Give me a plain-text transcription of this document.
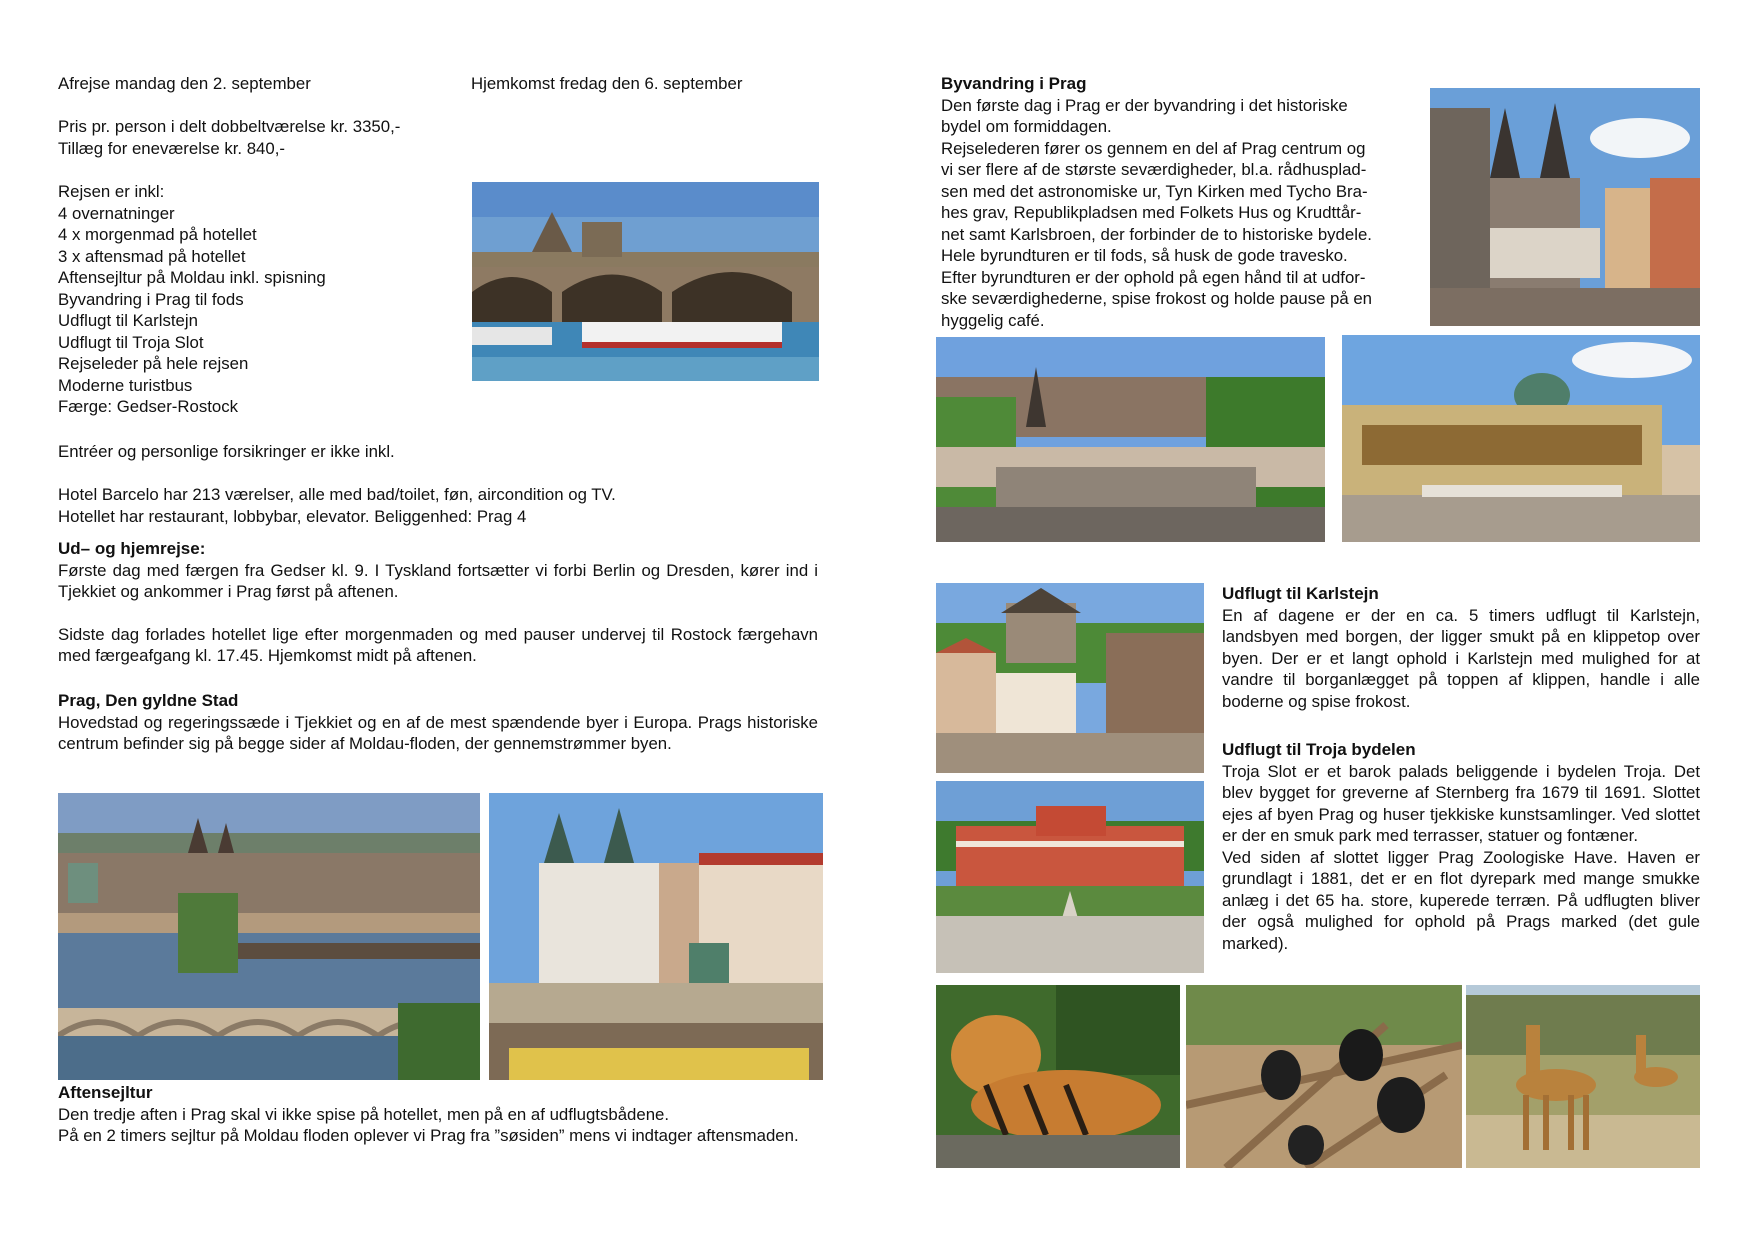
Afrejse mandag den 2. september	Hjemkomst fredag den 6. september
Pris pr. person i delt dobbeltværelse kr. 3350,-
Tillæg for eneværelse kr. 840,-
Rejsen er inkl:
4 overnatninger
4 x morgenmad på hotellet
3 x aftensmad på hotellet
Aftensejltur på Moldau inkl. spisning
Byvandring i Prag til fods
Udflugt til Karlstejn
Udflugt til Troja Slot
Rejseleder på hele rejsen
Moderne turistbus
Færge: Gedser-Rostock
Entréer og personlige forsikringer er ikke inkl.
Hotel Barcelo har 213 værelser, alle med bad/toilet, føn, aircondition og TV.
Hotellet har restaurant, lobbybar, elevator. Beliggenhed: Prag 4
Ud– og hjemrejse:
Første dag med færgen fra Gedser kl. 9. I Tyskland fortsætter vi forbi Berlin og Dresden, kører ind i Tjekkiet og ankommer i Prag først på aftenen.
Sidste dag forlades hotellet lige efter morgenmaden og med pauser undervej til Rostock færgehavn med færgeafgang kl. 17.45. Hjemkomst midt på aftenen.
Prag, Den gyldne Stad
Hovedstad og regeringssæde i Tjekkiet og en af de mest spændende byer i Europa. Prags historiske centrum befinder sig på begge sider af Moldau-floden, der gennemstrømmer byen.
Aftensejltur
Den tredje aften i Prag skal vi ikke spise på hotellet, men på en af udflugtsbådene.
På en 2 timers sejltur på Moldau floden oplever vi Prag fra ”søsiden” mens vi indtager aftensmaden.
Byvandring i Prag
Den første dag i Prag er der byvandring i det historiske
bydel om formiddagen.
Rejselederen fører os gennem en del af Prag centrum og
vi ser flere af de største seværdigheder, bl.a. rådhusplad-
sen med det astronomiske ur, Tyn Kirken med Tycho Bra-
hes grav, Republikpladsen med Folkets Hus og Krudttår-
net samt Karlsbroen, der forbinder de to historiske bydele.
Hele byrundturen er til fods, så husk de gode travesko.
Efter byrundturen er der ophold på egen hånd til at udfor-
ske seværdighederne, spise frokost og holde pause på en
hyggelig café.
Udflugt til Karlstejn
En af dagene er der en ca. 5 timers udflugt til Karlstejn, landsbyen med borgen, der ligger smukt på en klippetop over byen. Der er et langt ophold i Karlstejn med mulighed for at vandre til borganlægget på toppen af klippen, handle i alle boderne og spise frokost.
Udflugt til Troja bydelen
Troja Slot er et barok palads beliggende i bydelen Troja. Det blev bygget for greverne af Sternberg fra 1679 til 1691. Slottet ejes af byen Prag og huser tjekkiske kunstsamlinger. Ved slottet er der en smuk park med terrasser, statuer og fontæner.
Ved siden af slottet ligger Prag Zoologiske Have. Haven er grundlagt i 1881, det er en flot dyrepark med mange smukke anlæg i det 65 ha. store, kuperede terræn. På udflugten bliver der også mulighed for ophold på Prags marked (det gule marked).
